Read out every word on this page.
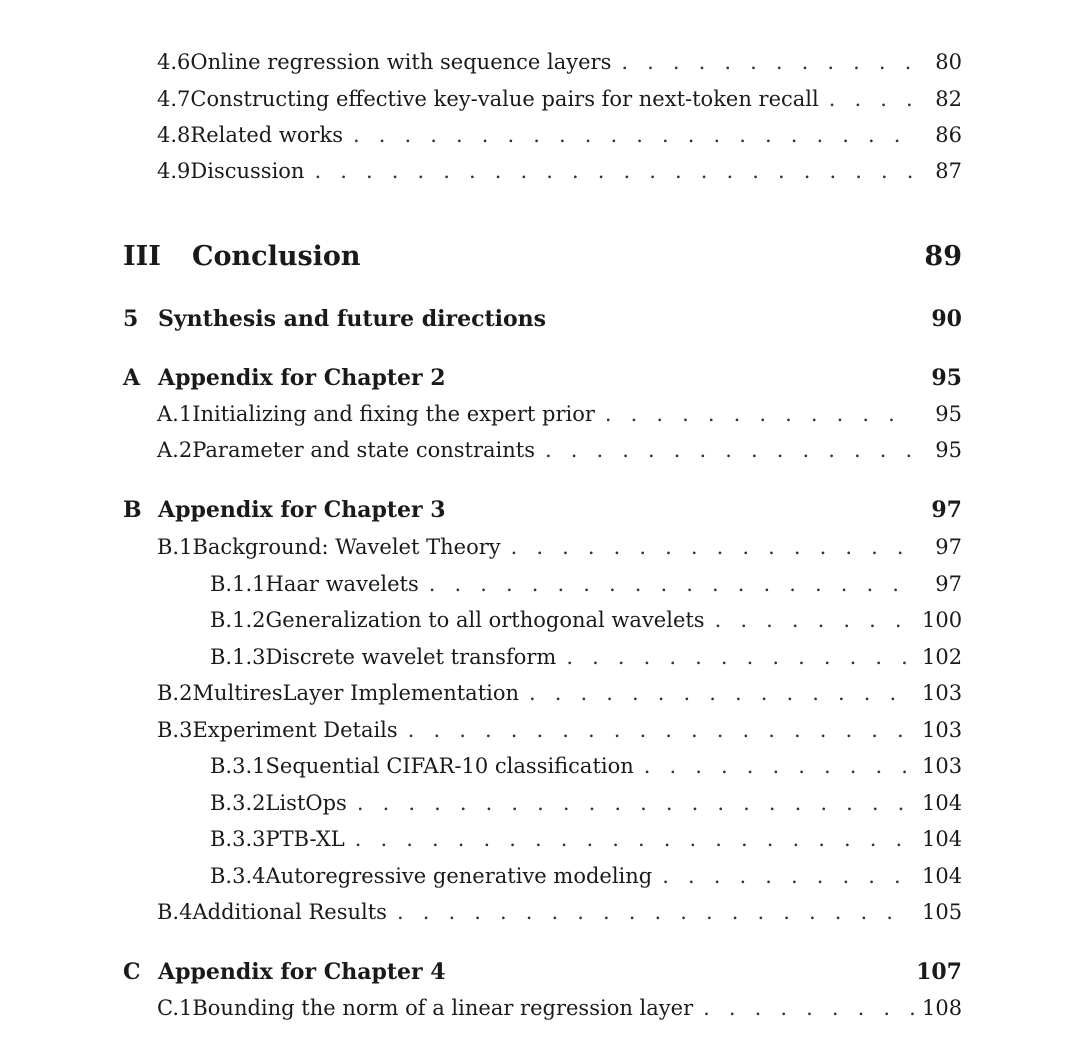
4.6 Online regression with sequence layers . . .	80
4.7 Constructing effective key-value pairs for next-token recall . . .	82
4.8 Related works . . .	86
4.9 Discussion . . .	87
III	Conclusion	89
5 Synthesis and future directions	90
A Appendix for Chapter 2	95
A.1 Initializing and fixing the expert prior . . .	95
A.2 Parameter and state constraints . . .	95
B Appendix for Chapter 3	97
B.1 Background: Wavelet Theory . . .	97
B.1.1 Haar wavelets . . .	97
B.1.2 Generalization to all orthogonal wavelets . . .	100
B.1.3 Discrete wavelet transform . . .	102
B.2 MultiresLayer Implementation . . .	103
B.3 Experiment Details . . .	103
B.3.1 Sequential CIFAR-10 classification . . .	103
B.3.2 ListOps . . .	104
B.3.3 PTB-XL . . .	104
B.3.4 Autoregressive generative modeling . . .	104
B.4 Additional Results . . .	105
C Appendix for Chapter 4	107
C.1 Bounding the norm of a linear regression layer . . .	108
